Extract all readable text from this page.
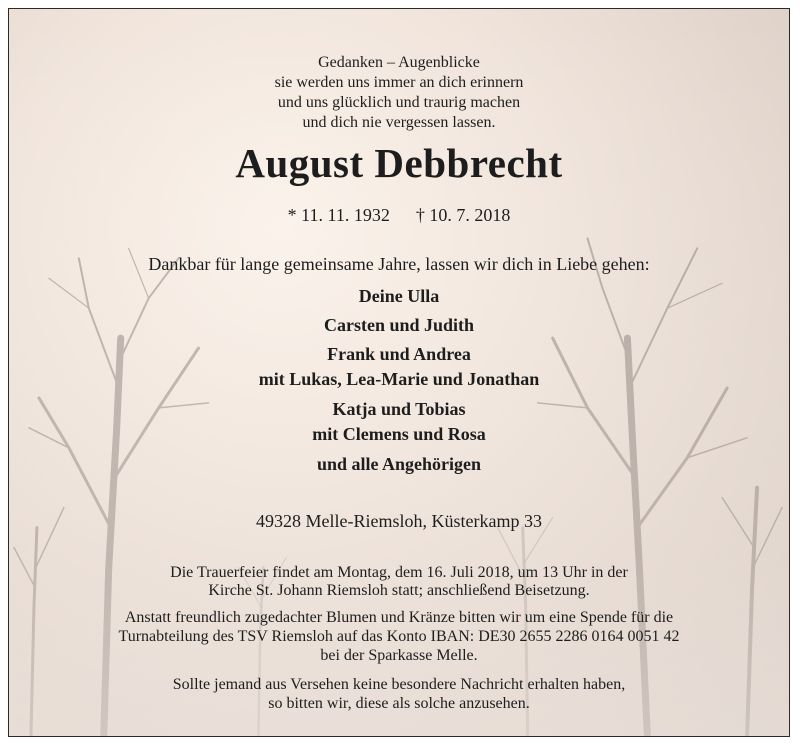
Gedanken – Augenblicke
sie werden uns immer an dich erinnern
und uns glücklich und traurig machen
und dich nie vergessen lassen.
August Debbrecht
* 11. 11. 1932 † 10. 7. 2018
Dankbar für lange gemeinsame Jahre, lassen wir dich in Liebe gehen:
Deine Ulla
Carsten und Judith
Frank und Andrea
mit Lukas, Lea-Marie und Jonathan
Katja und Tobias
mit Clemens und Rosa
und alle Angehörigen
49328 Melle-Riemsloh, Küsterkamp 33
Die Trauerfeier findet am Montag, dem 16. Juli 2018, um 13 Uhr in der
Kirche St. Johann Riemsloh statt; anschließend Beisetzung.
Anstatt freundlich zugedachter Blumen und Kränze bitten wir um eine Spende für die
Turnabteilung des TSV Riemsloh auf das Konto IBAN: DE30 2655 2286 0164 0051 42
bei der Sparkasse Melle.
Sollte jemand aus Versehen keine besondere Nachricht erhalten haben,
so bitten wir, diese als solche anzusehen.
